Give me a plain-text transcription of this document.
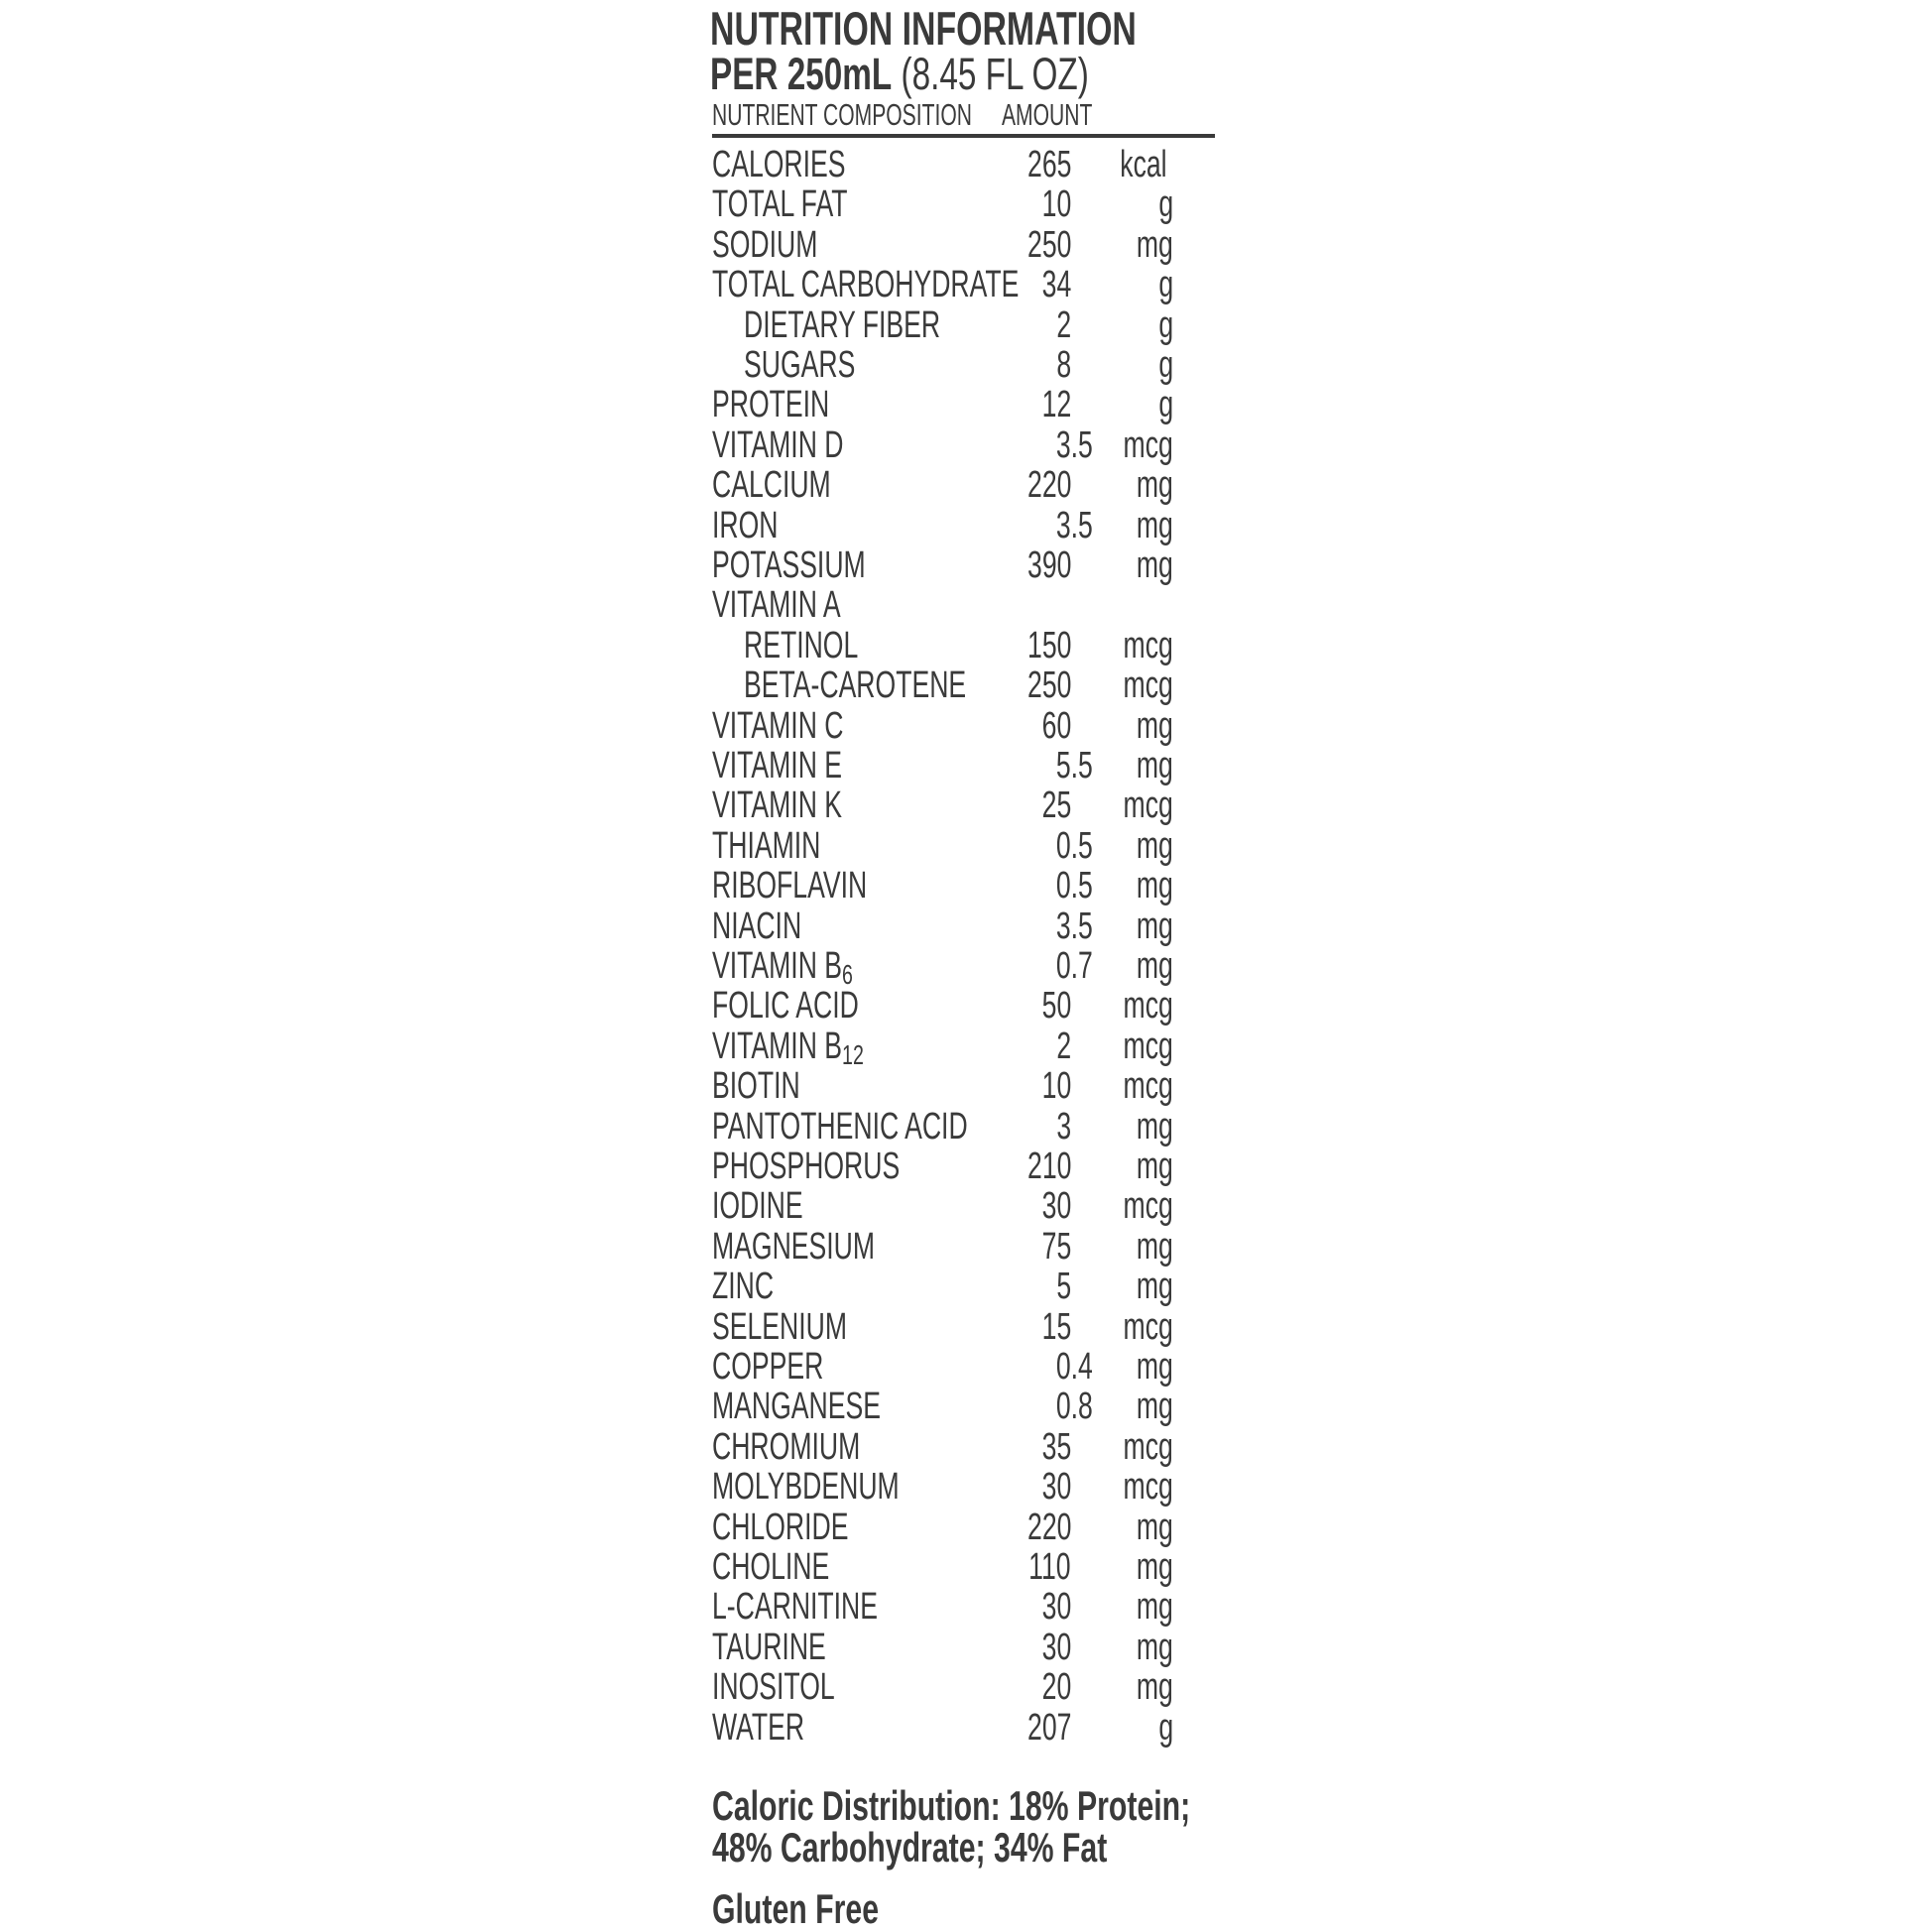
NUTRITION INFORMATION
PER 250mL (8.45 FL OZ)
NUTRIENT COMPOSITION AMOUNT
CALORIES	265 kcal
TOTAL FAT	10 g
SODIUM	250 mg
TOTAL CARBOHYDRATE 34 g
DIETARY FIBER	2 g
SUGARS	8 g
PROTEIN	12 g
VITAMIN D	3.5 mcg
CALCIUM	220 mg
IRON	3.5 mg
POTASSIUM	390 mg
VITAMIN A
RETINOL	150 mcg
BETA-CAROTENE 250 mcg
VITAMIN C	60 mg
VITAMIN E	5.5 mg
VITAMIN K	25 mcg
THIAMIN	0.5 mg
RIBOFLAVIN	0.5 mg
NIACIN	3.5 mg
VITAMIN $B_6$	0.7 mg
FOLIC ACID	50 mcg
VITAMIN $B_{12}$	2 mcg
BIOTIN	10 mcg
PANTOTHENIC ACID 3 mg
PHOSPHORUS	210 mg
IODINE	30 mcg
MAGNESIUM	75 mg
ZINC	5 mg
SELENIUM	15 mcg
COPPER	0.4 mg
MANGANESE	0.8 mg
CHROMIUM	35 mcg
MOLYBDENUM	30 mcg
CHLORIDE	220 mg
CHOLINE	110 mg
L-CARNITINE	30 mg
TAURINE	30 mg
INOSITOL	20 mg
WATER	207 g
Caloric Distribution: 18% Protein;
48% Carbohydrate; 34% Fat
Gluten Free
